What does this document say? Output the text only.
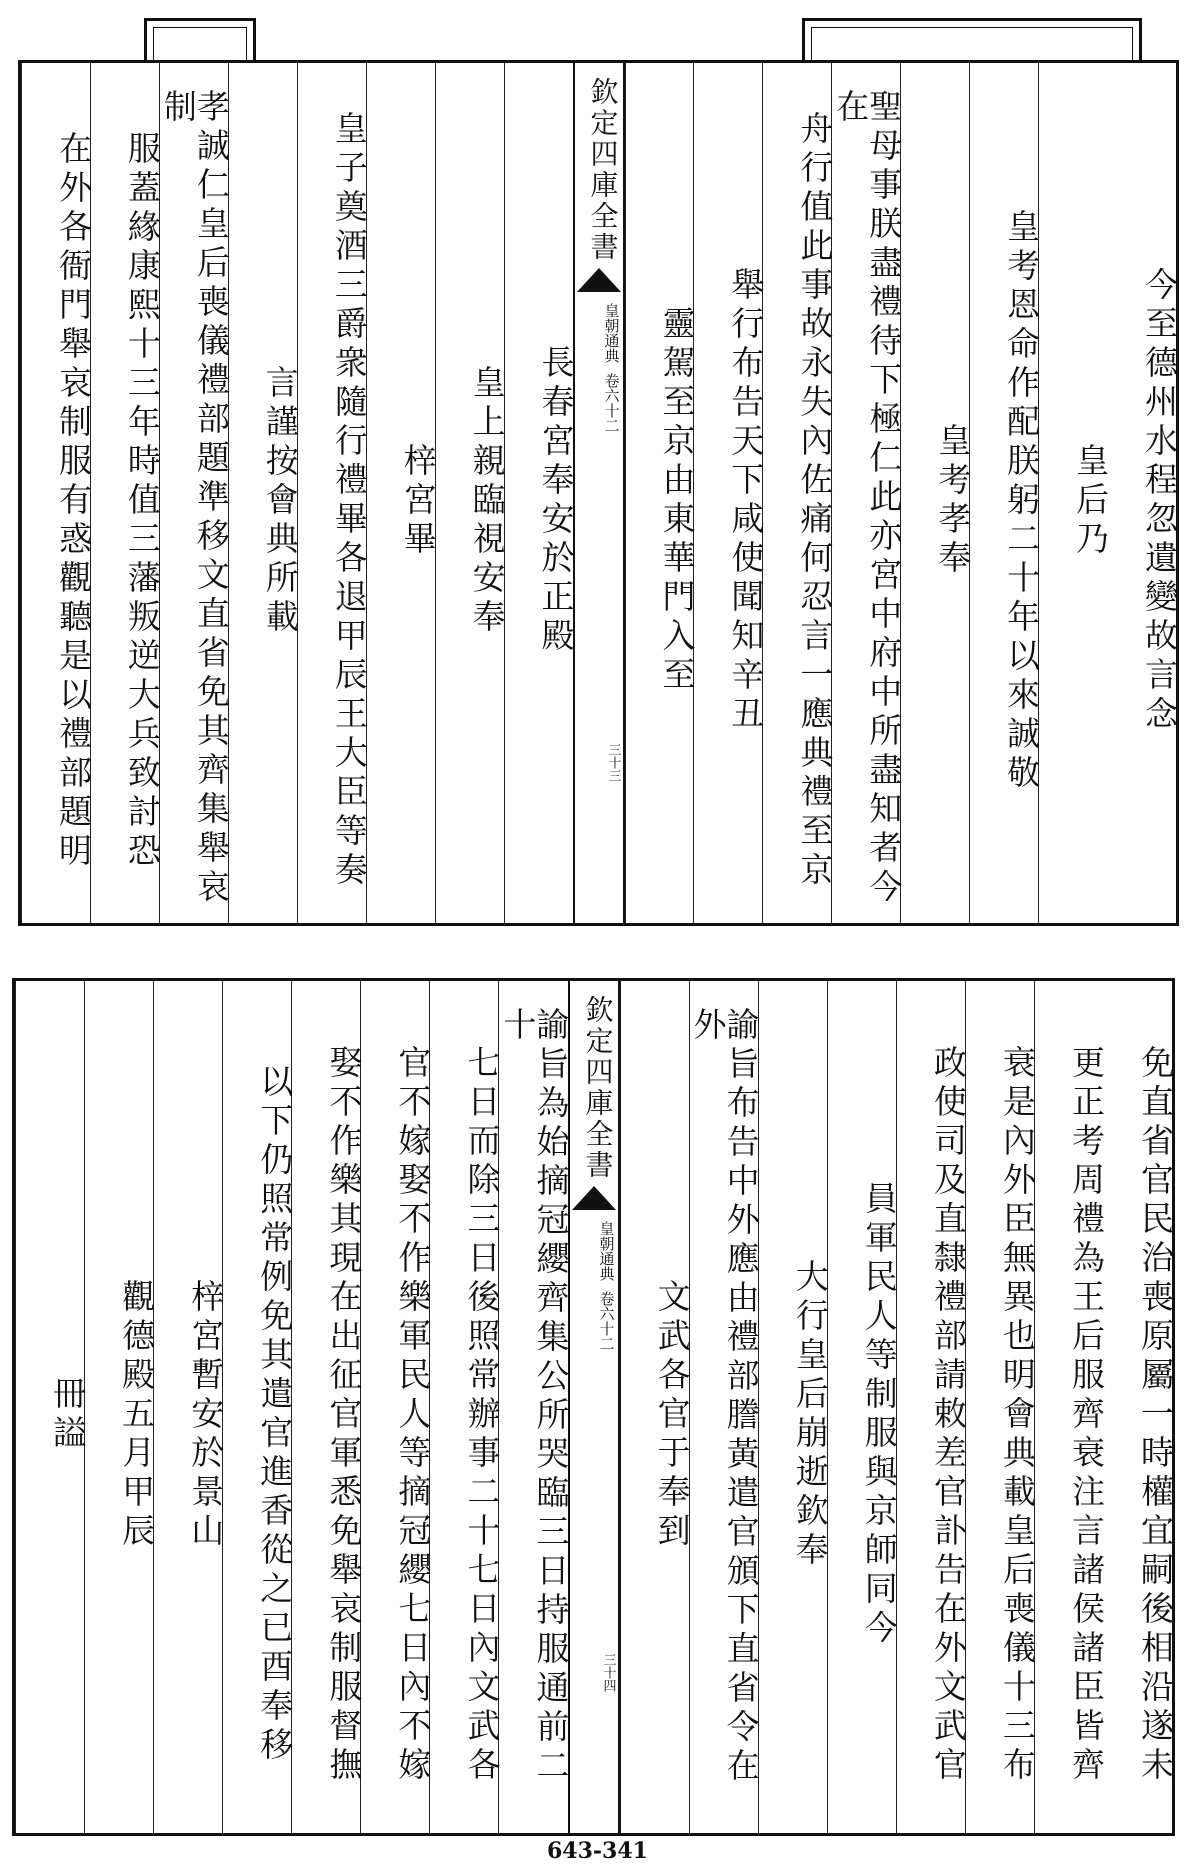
今至德州水程忽遺變故言念
皇后乃
皇考恩命作配朕躬二十年以來誠敬
皇考孝奉
聖母事朕盡禮待下極仁此亦宮中府中所盡知者今在
舟行值此事故永失內佐痛何忍言一應典禮至京
舉行布告天下咸使聞知辛丑
靈駕至京由東華門入至
欽定四庫全書
皇朝通典
卷六十二
三十三
長春宮奉安於正殿
皇上親臨視安奉
梓宮畢
皇子奠酒三爵衆隨行禮畢各退甲辰王大臣等奏
言謹按會典所載
孝誠仁皇后喪儀禮部題準移文直省免其齊集舉哀制
服蓋緣康熙十三年時值三藩叛逆大兵致討恐
在外各衙門舉哀制服有惑觀聽是以禮部題明
免直省官民治喪原屬一時權宜嗣後相沿遂未
更正考周禮為王后服齊衰注言諸侯諸臣皆齊
衰是內外臣無異也明會典載皇后喪儀十三布
政使司及直隸禮部請敕差官訃告在外文武官
員軍民人等制服與京師同今
大行皇后崩逝欽奉
諭旨布告中外應由禮部謄黃遣官頒下直省令在外
文武各官于奉到
欽定四庫全書
皇朝通典
卷六十二
三十四
諭旨為始摘冠纓齊集公所哭臨三日持服通前二十
七日而除三日後照常辦事二十七日內文武各
官不嫁娶不作樂軍民人等摘冠纓七日內不嫁
娶不作樂其現在出征官軍悉免舉哀制服督撫
以下仍照常例免其遣官進香從之已酉奉移
梓宮暫安於景山
觀德殿五月甲辰
冊謚
643-341
